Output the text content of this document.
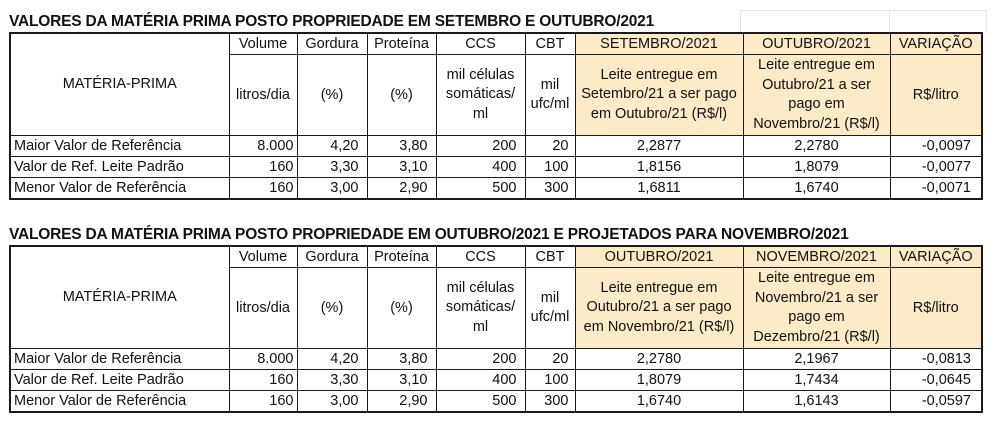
VALORES DA MATÉRIA PRIMA POSTO PROPRIEDADE EM SETEMBRO E OUTUBRO/2021
MATÉRIA-PRIMA	Volume	Gordura	Proteína	CCS	CBT	SETEMBRO/2021	OUTUBRO/2021	VARIAÇÃO
	litros/dia	(%)	(%)	mil células somáticas/ ml	mil ufc/ml	Leite entregue em Setembro/21 a ser pago em Outubro/21 (R$/l)	Leite entregue em Outubro/21 a ser pago em Novembro/21 (R$/l)	R$/litro
Maior Valor de Referência	8.000	4,20	3,80	200	20	2,2877	2,2780	-0,0097
Valor de Ref. Leite Padrão	160	3,30	3,10	400	100	1,8156	1,8079	-0,0077
Menor Valor de Referência	160	3,00	2,90	500	300	1,6811	1,6740	-0,0071
VALORES DA MATÉRIA PRIMA POSTO PROPRIEDADE EM OUTUBRO/2021 E PROJETADOS PARA NOVEMBRO/2021
MATÉRIA-PRIMA	Volume	Gordura	Proteína	CCS	CBT	OUTUBRO/2021	NOVEMBRO/2021	VARIAÇÃO
	litros/dia	(%)	(%)	mil células somáticas/ ml	mil ufc/ml	Leite entregue em Outubro/21 a ser pago em Novembro/21 (R$/l)	Leite entregue em Novembro/21 a ser pago em Dezembro/21 (R$/l)	R$/litro
Maior Valor de Referência	8.000	4,20	3,80	200	20	2,2780	2,1967	-0,0813
Valor de Ref. Leite Padrão	160	3,30	3,10	400	100	1,8079	1,7434	-0,0645
Menor Valor de Referência	160	3,00	2,90	500	300	1,6740	1,6143	-0,0597
